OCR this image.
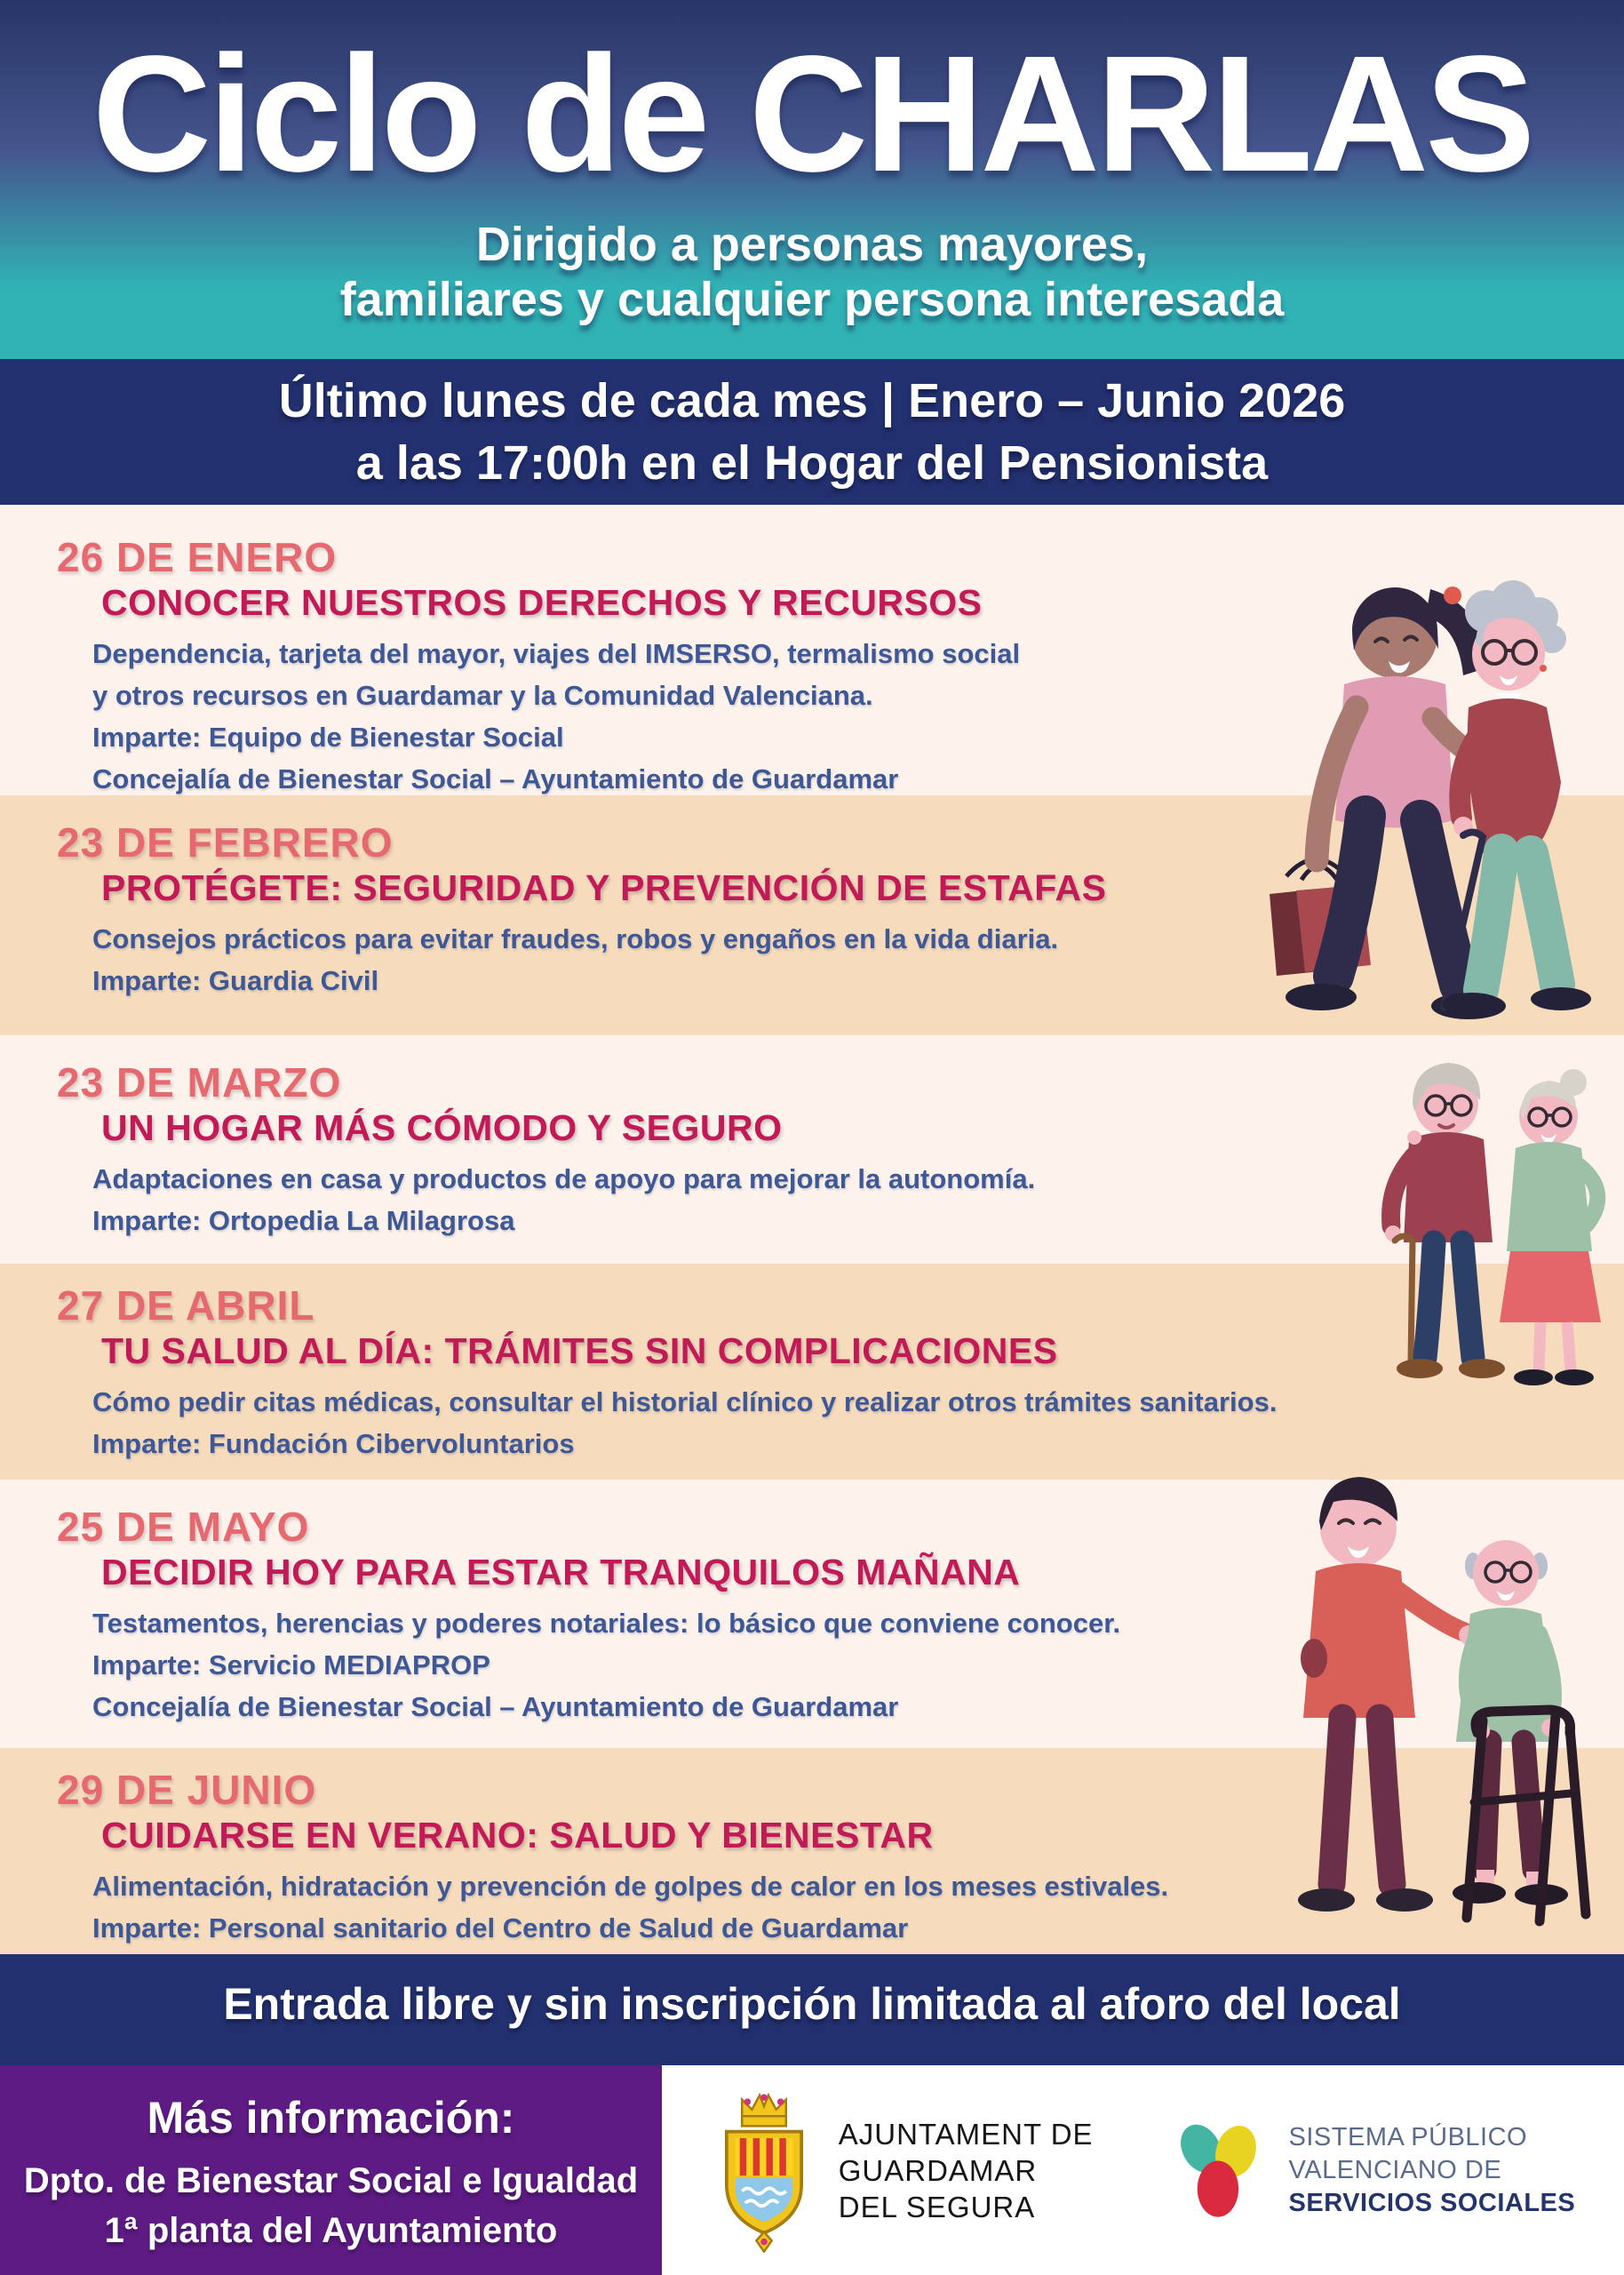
Ciclo de CHARLAS
Dirigido a personas mayores,
familiares y cualquier persona interesada
Último lunes de cada mes | Enero – Junio 2026
a las 17:00h en el Hogar del Pensionista
26 DE ENERO
CONOCER NUESTROS DERECHOS Y RECURSOS
Dependencia, tarjeta del mayor, viajes del IMSERSO, termalismo social
y otros recursos en Guardamar y la Comunidad Valenciana.
Imparte: Equipo de Bienestar Social
Concejalía de Bienestar Social – Ayuntamiento de Guardamar
23 DE FEBRERO
PROTÉGETE: SEGURIDAD Y PREVENCIÓN DE ESTAFAS
Consejos prácticos para evitar fraudes, robos y engaños en la vida diaria.
Imparte: Guardia Civil
23 DE MARZO
UN HOGAR MÁS CÓMODO Y SEGURO
Adaptaciones en casa y productos de apoyo para mejorar la autonomía.
Imparte: Ortopedia La Milagrosa
27 DE ABRIL
TU SALUD AL DÍA: TRÁMITES SIN COMPLICACIONES
Cómo pedir citas médicas, consultar el historial clínico y realizar otros trámites sanitarios.
Imparte: Fundación Cibervoluntarios
25 DE MAYO
DECIDIR HOY PARA ESTAR TRANQUILOS MAÑANA
Testamentos, herencias y poderes notariales: lo básico que conviene conocer.
Imparte: Servicio MEDIAPROP
Concejalía de Bienestar Social – Ayuntamiento de Guardamar
29 DE JUNIO
CUIDARSE EN VERANO: SALUD Y BIENESTAR
Alimentación, hidratación y prevención de golpes de calor en los meses estivales.
Imparte: Personal sanitario del Centro de Salud de Guardamar
Entrada libre y sin inscripción limitada al aforo del local
Más información:
Dpto. de Bienestar Social e Igualdad
1ª planta del Ayuntamiento
AJUNTAMENT DE
GUARDAMAR
DEL SEGURA
SISTEMA PÚBLICO
VALENCIANO DE
SERVICIOS SOCIALES
